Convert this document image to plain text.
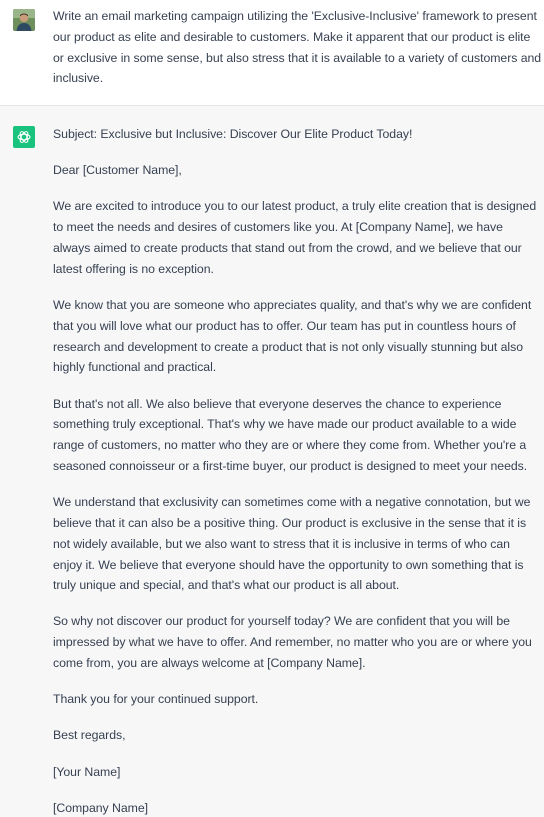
Write an email marketing campaign utilizing the 'Exclusive-Inclusive' framework to present our product as elite and desirable to customers. Make it apparent that our product is elite or exclusive in some sense, but also stress that it is available to a variety of customers and inclusive.

Subject: Exclusive but Inclusive: Discover Our Elite Product Today!

Dear [Customer Name],

We are excited to introduce you to our latest product, a truly elite creation that is designed to meet the needs and desires of customers like you. At [Company Name], we have always aimed to create products that stand out from the crowd, and we believe that our latest offering is no exception.

We know that you are someone who appreciates quality, and that's why we are confident that you will love what our product has to offer. Our team has put in countless hours of research and development to create a product that is not only visually stunning but also highly functional and practical.

But that's not all. We also believe that everyone deserves the chance to experience something truly exceptional. That's why we have made our product available to a wide range of customers, no matter who they are or where they come from. Whether you're a seasoned connoisseur or a first-time buyer, our product is designed to meet your needs.

We understand that exclusivity can sometimes come with a negative connotation, but we believe that it can also be a positive thing. Our product is exclusive in the sense that it is not widely available, but we also want to stress that it is inclusive in terms of who can enjoy it. We believe that everyone should have the opportunity to own something that is truly unique and special, and that's what our product is all about.

So why not discover our product for yourself today? We are confident that you will be impressed by what we have to offer. And remember, no matter who you are or where you come from, you are always welcome at [Company Name].

Thank you for your continued support.

Best regards,

[Your Name]

[Company Name]
